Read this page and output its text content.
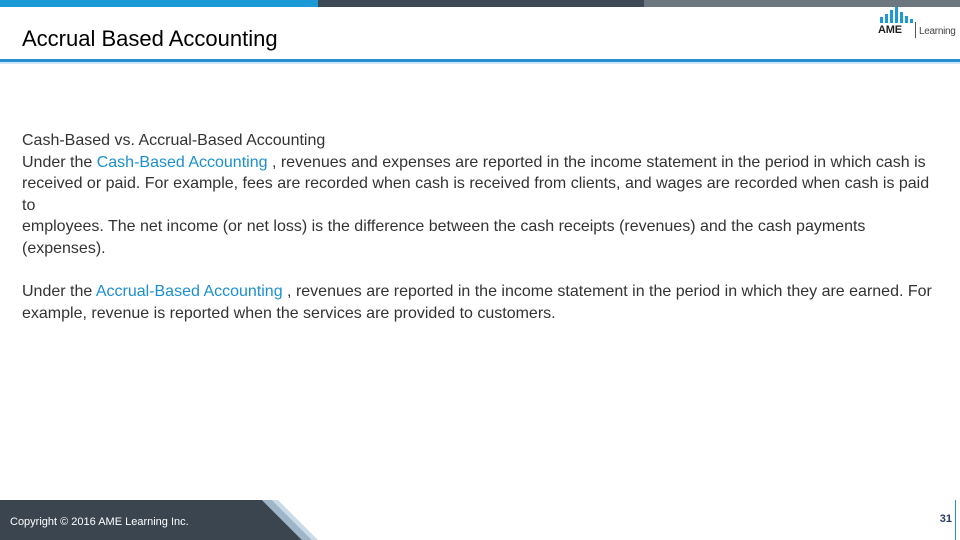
Accrual Based Accounting	AME Learning

Cash-Based vs. Accrual-Based Accounting

Under the Cash-Based Accounting , revenues and expenses are reported in the income statement in the period in which cash is received or paid. For example, fees are recorded when cash is received from clients, and wages are recorded when cash is paid to

employees. The net income (or net loss) is the difference between the cash receipts (revenues) and the cash payments (expenses).

Under the Accrual-Based Accounting , revenues are reported in the income statement in the period in which they are earned. For example, revenue is reported when the services are provided to customers.

Copyright © 2016 AME Learning Inc.	31
